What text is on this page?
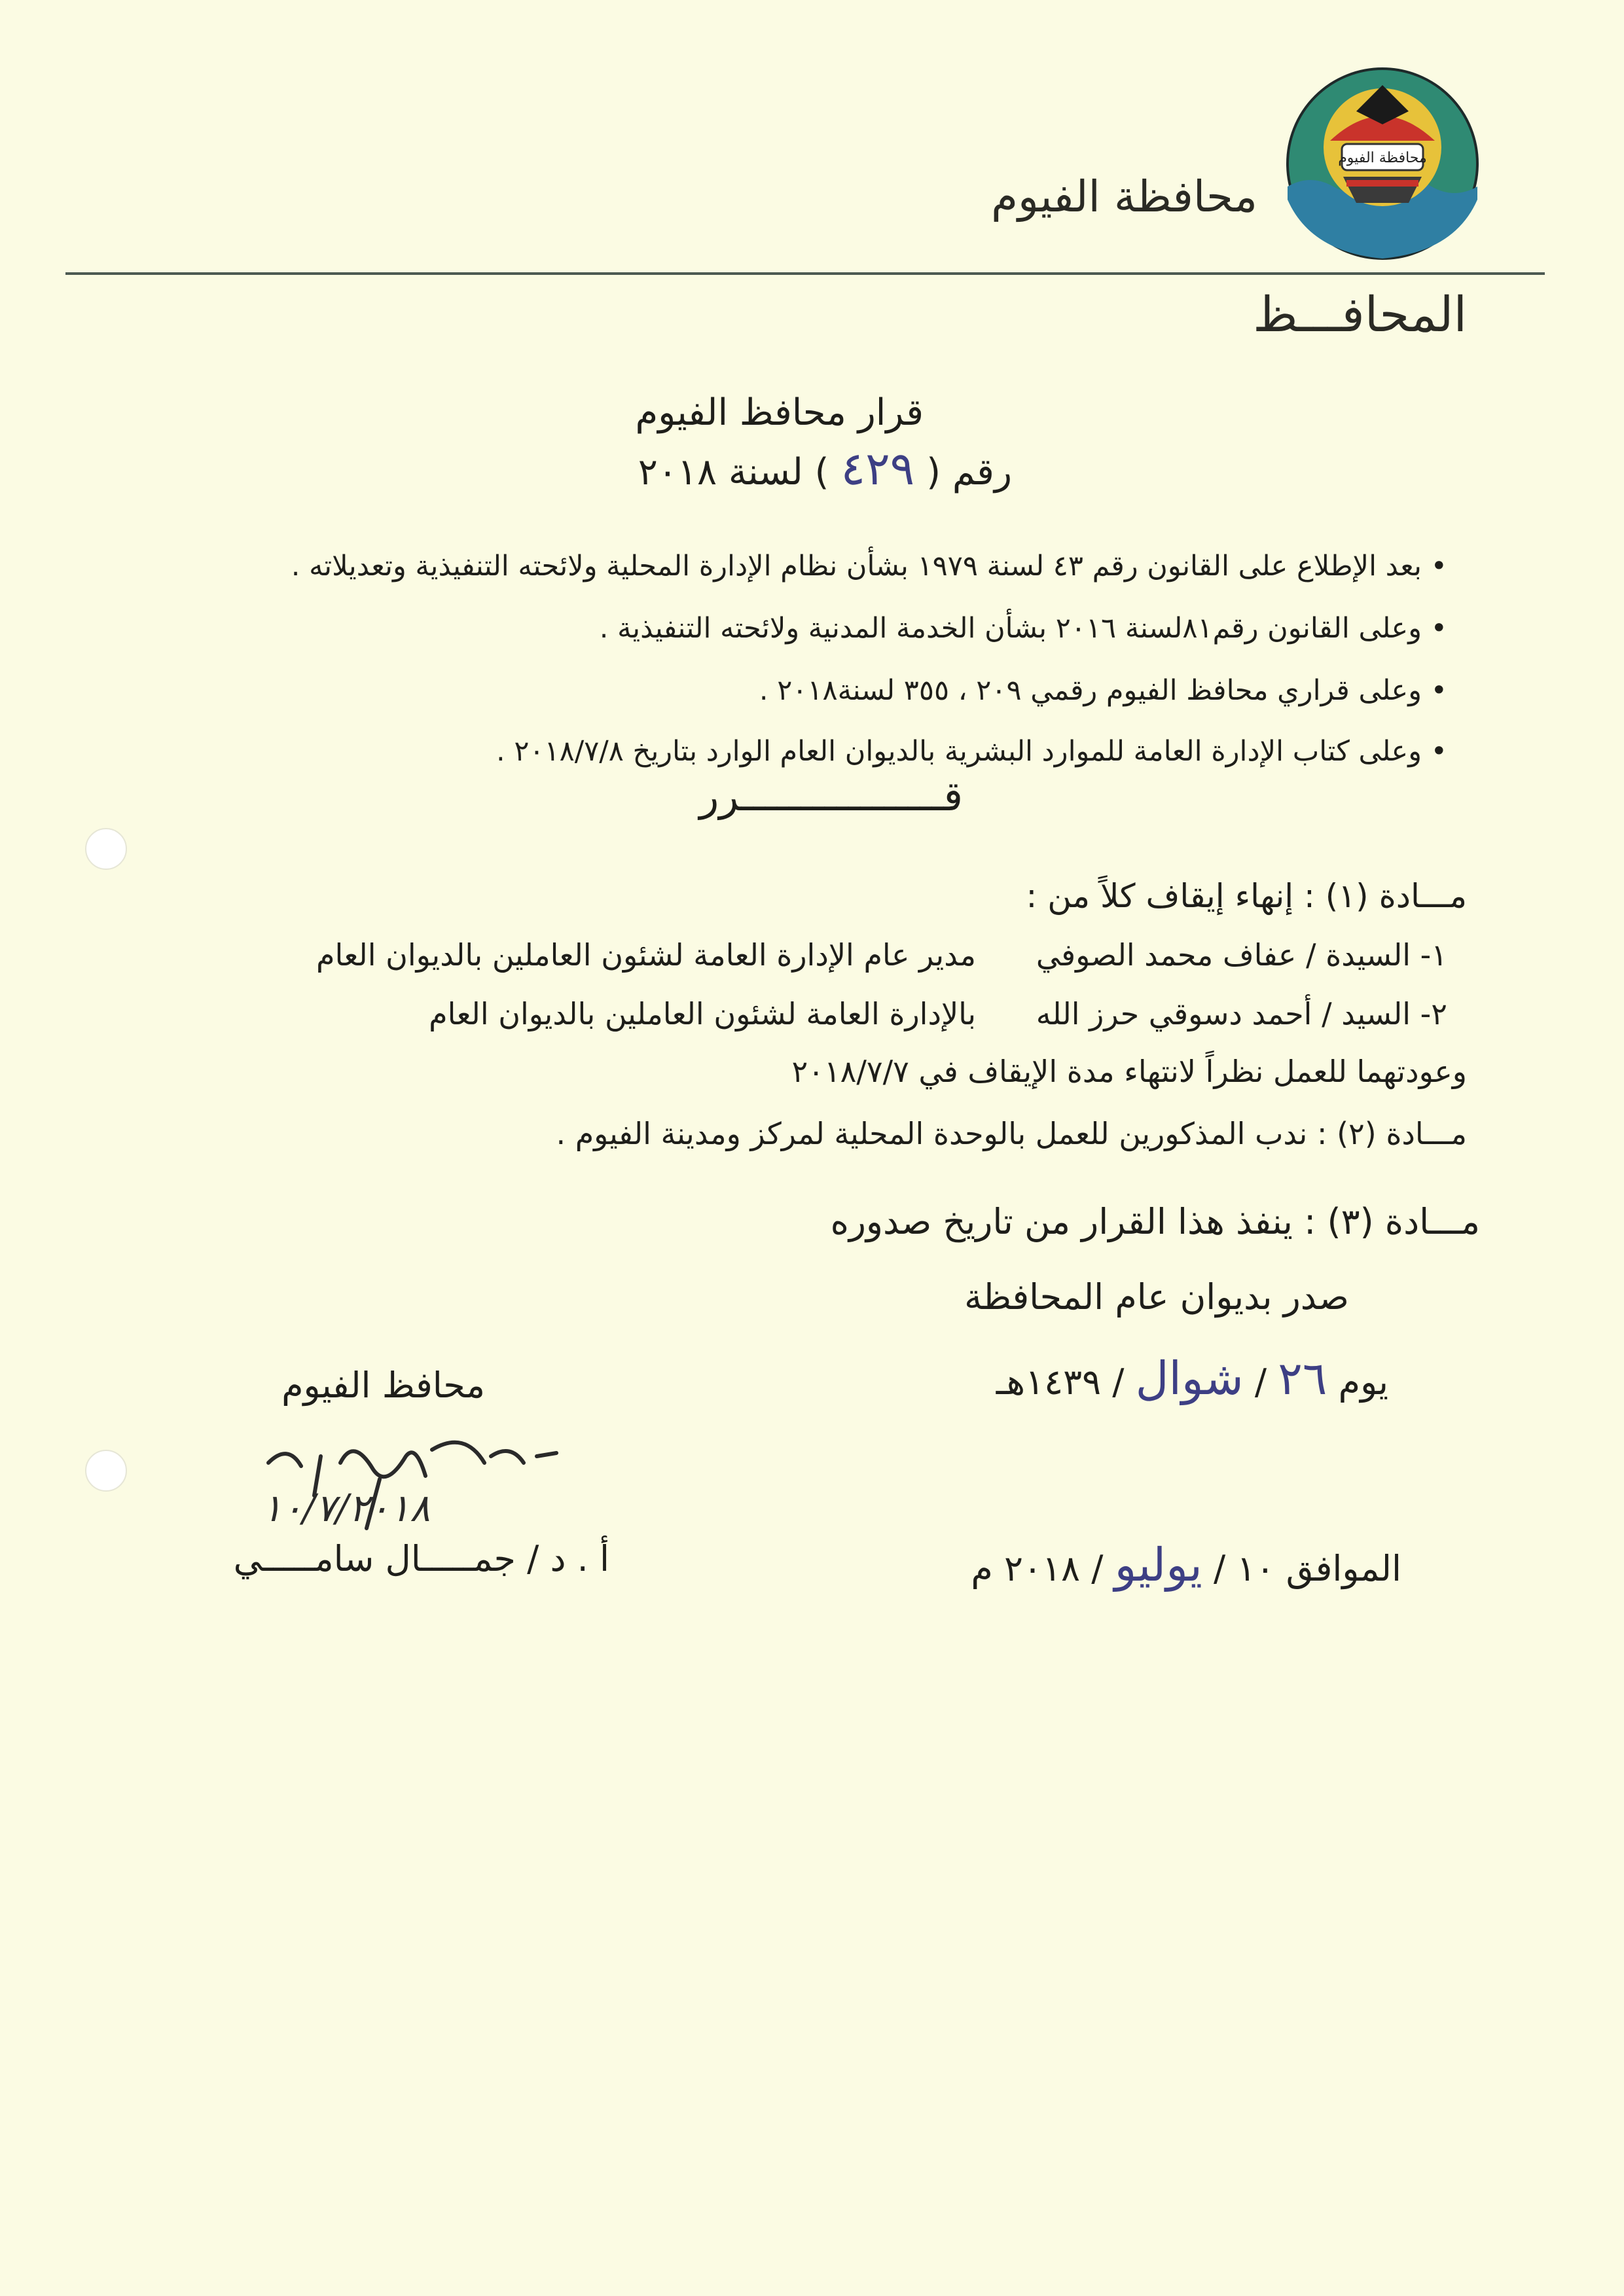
محافظة الفيوم
محافظة الفيوم
المحافـــظ
قرار محافظ الفيوم
رقم (٤٢٩) لسنة ٢٠١٨
• بعد الإطلاع على القانون رقم ٤٣ لسنة ١٩٧٩ بشأن نظام الإدارة المحلية ولائحته التنفيذية وتعديلاته .
• وعلى القانون رقم٨١لسنة ٢٠١٦ بشأن الخدمة المدنية ولائحته التنفيذية .
• وعلى قراري محافظ الفيوم رقمي ٢٠٩ ، ٣٥٥ لسنة٢٠١٨ .
• وعلى كتاب الإدارة العامة للموارد البشرية بالديوان العام الوارد بتاريخ ٢٠١٨/٧/٨ .
قـــــــــــــــــرر
مـــادة (١) : إنهاء إيقاف كلاً من :
١- السيدة / عفاف محمد الصوفي
مدير عام الإدارة العامة لشئون العاملين بالديوان العام
٢- السيد / أحمد دسوقي حرز الله
بالإدارة العامة لشئون العاملين بالديوان العام
وعودتهما للعمل نظراً لانتهاء مدة الإيقاف في ٢٠١٨/٧/٧
مـــادة (٢) : ندب المذكورين للعمل بالوحدة المحلية لمركز ومدينة الفيوم .
مـــادة (٣) : ينفذ هذا القرار من تاريخ صدوره
صدر بديوان عام المحافظة
يوم ٢٦ / شوال / ١٤٣٩هـ
الموافق ١٠ / يوليو / ٢٠١٨ م
محافظ الفيوم
١٠/٧/٢٠١٨
أ . د / جمـــــال سامـــــي
